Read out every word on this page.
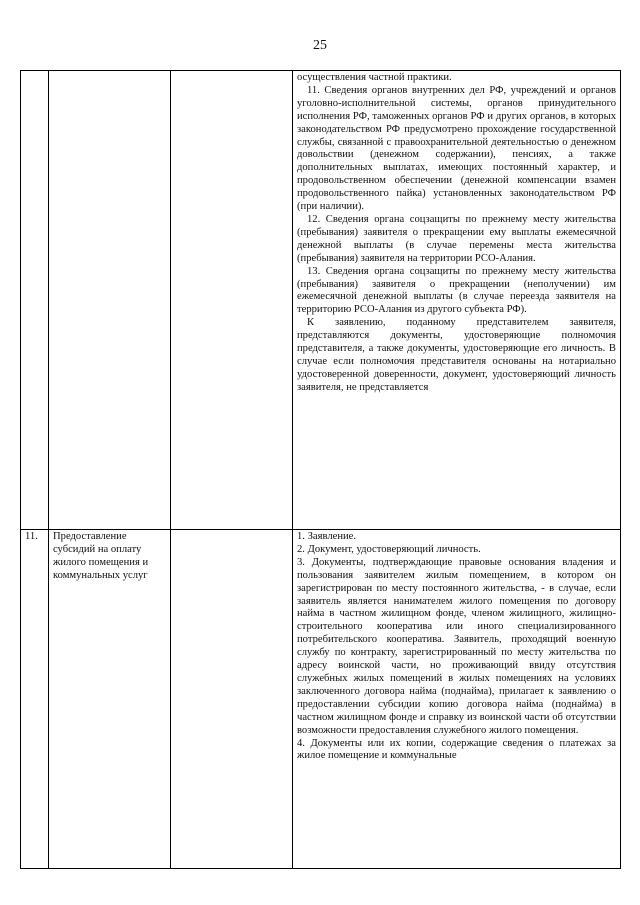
25

			осуществления частной практики.

11. Сведения органов внутренних дел РФ, учреждений и органов уголовно-исполнительной системы, органов принудительного исполнения РФ, таможенных органов РФ и других органов, в которых законодательством РФ предусмотрено прохождение государственной службы, связанной с правоохранительной деятельностью о денежном довольствии (денежном содержании), пенсиях, а также дополнительных выплатах, имеющих постоянный характер, и продовольственном обеспечении (денежной компенсации взамен продовольственного пайка) установленных законодательством РФ (при наличии).

12. Сведения органа соцзащиты по прежнему месту жительства (пребывания) заявителя о прекращении ему выплаты ежемесячной денежной выплаты (в случае перемены места жительства (пребывания) заявителя на территории РСО-Алания.

13. Сведения органа соцзащиты по прежнему месту жительства (пребывания) заявителя о прекращении (неполучении) им ежемесячной денежной выплаты (в случае переезда заявителя на территорию РСО-Алания из другого субъекта РФ).

К заявлению, поданному представителем заявителя, представляются документы, удостоверяющие полномочия представителя, а также документы, удостоверяющие его личность. В случае если полномочия представителя основаны на нотариально удостоверенной доверенности, документ, удостоверяющий личность заявителя, не представляется

11.	Предоставление субсидий на оплату жилого помещения и коммунальных услуг		1. Заявление.

2. Документ, удостоверяющий личность.

3. Документы, подтверждающие правовые основания владения и пользования заявителем жилым помещением, в котором он зарегистрирован по месту постоянного жительства, - в случае, если заявитель является нанимателем жилого помещения по договору найма в частном жилищном фонде, членом жилищного, жилищно-строительного кооператива или иного специализированного потребительского кооператива. Заявитель, проходящий военную службу по контракту, зарегистрированный по месту жительства по адресу воинской части, но проживающий ввиду отсутствия служебных жилых помещений в жилых помещениях на условиях заключенного договора найма (поднайма), прилагает к заявлению о предоставлении субсидии копию договора найма (поднайма) в частном жилищном фонде и справку из воинской части об отсутствии возможности предоставления служебного жилого помещения.

4. Документы или их копии, содержащие сведения о платежах за жилое помещение и коммунальные
